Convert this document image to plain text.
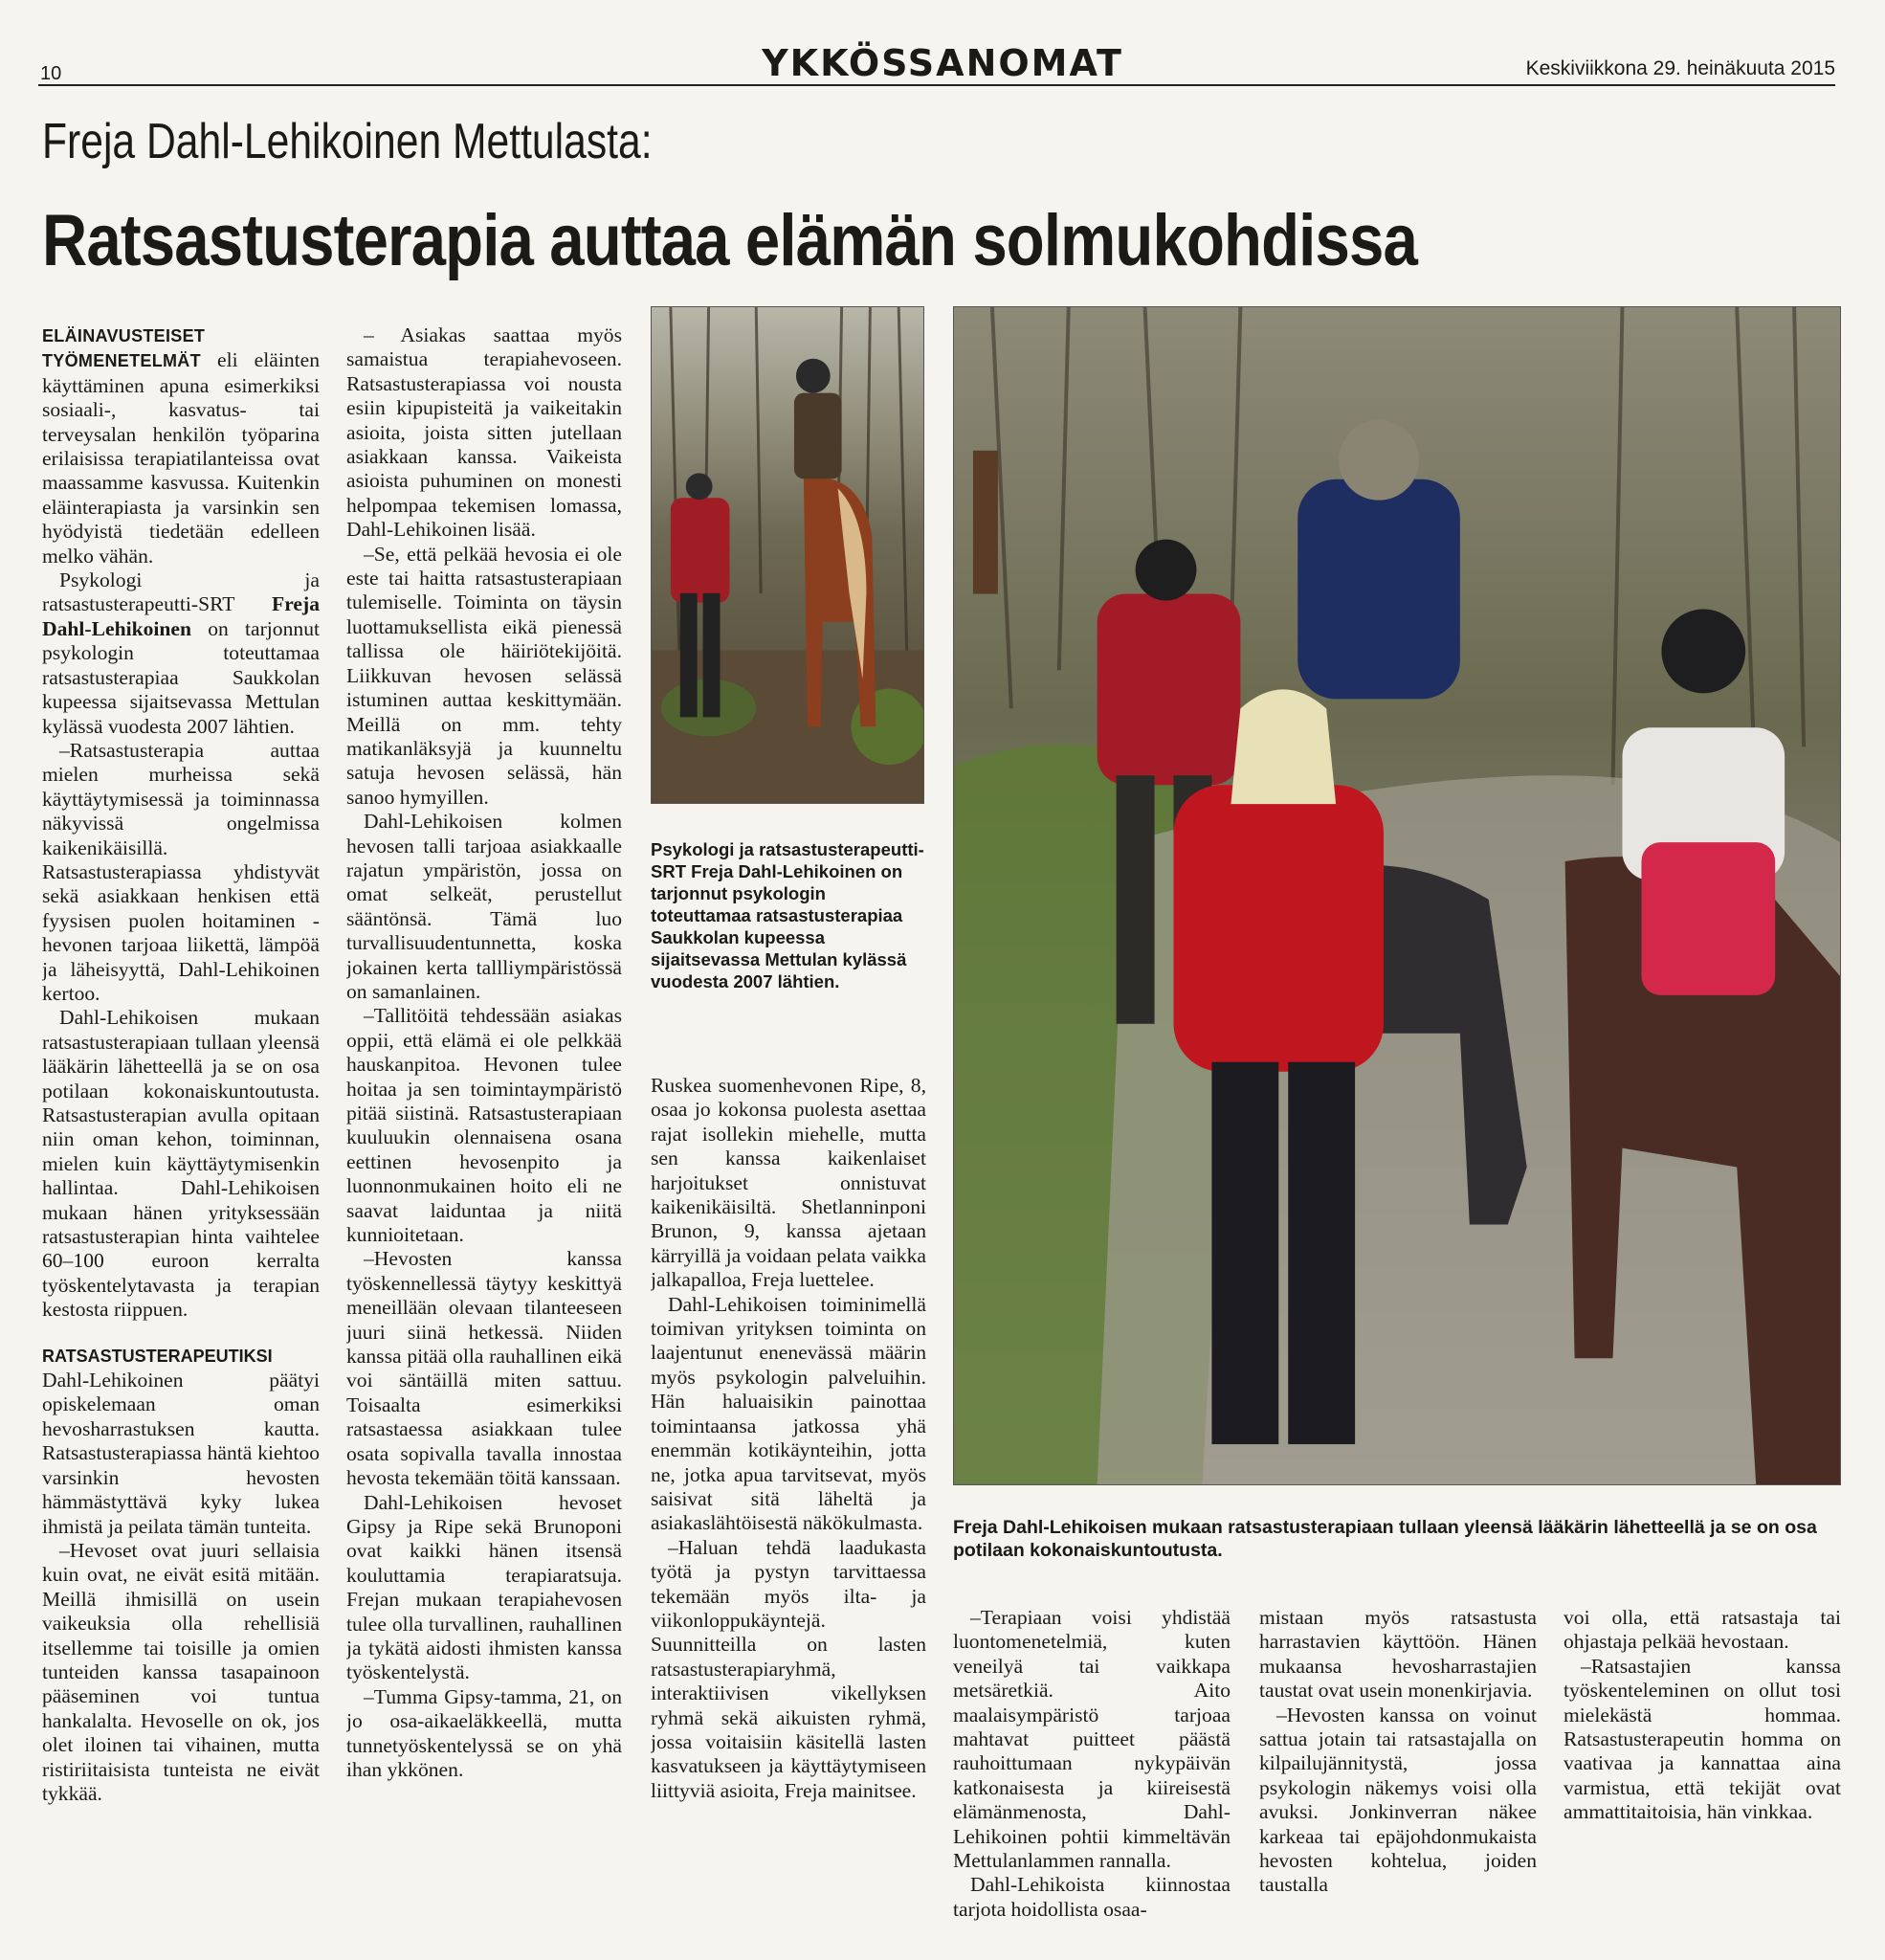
10	YKKÖSSANOMAT	Keskiviikkona 29. heinäkuuta 2015
Freja Dahl-Lehikoinen Mettulasta:
Ratsastusterapia auttaa elämän solmukohdissa

ELÄINAVUSTEISET TYÖMENETELMÄT eli eläinten käyttäminen apuna esimerkiksi sosiaali-, kasvatus- tai terveysalan henkilön työparina erilaisissa terapiatilanteissa ovat maassamme kasvussa. Kuitenkin eläinterapiasta ja varsinkin sen hyödyistä tiedetään edelleen melko vähän.

Psykologi ja ratsastusterapeutti-SRT Freja Dahl-Lehikoinen on tarjonnut psykologin toteuttamaa ratsastusterapiaa Saukkolan kupeessa sijaitsevassa Mettulan kylässä vuodesta 2007 lähtien.

–Ratsastusterapia auttaa mielen murheissa sekä käyttäytymisessä ja toiminnassa näkyvissä ongelmissa kaikenikäisillä. Ratsastusterapiassa yhdistyvät sekä asiakkaan henkisen että fyysisen puolen hoitaminen - hevonen tarjoaa liikettä, lämpöä ja läheisyyttä, Dahl-Lehikoinen kertoo.

Dahl-Lehikoisen mukaan ratsastusterapiaan tullaan yleensä lääkärin lähetteellä ja se on osa potilaan kokonaiskuntoutusta. Ratsastusterapian avulla opitaan niin oman kehon, toiminnan, mielen kuin käyttäytymisenkin hallintaa. Dahl-Lehikoisen mukaan hänen yrityksessään ratsastusterapian hinta vaihtelee 60–100 euroon kerralta työskentelytavasta ja terapian kestosta riippuen.

RATSASTUSTERAPEUTIKSI Dahl-Lehikoinen päätyi opiskelemaan oman hevosharrastuksen kautta. Ratsastusterapiassa häntä kiehtoo varsinkin hevosten hämmästyttävä kyky lukea ihmistä ja peilata tämän tunteita.

–Hevoset ovat juuri sellaisia kuin ovat, ne eivät esitä mitään. Meillä ihmisillä on usein vaikeuksia olla rehellisiä itsellemme tai toisille ja omien tunteiden kanssa tasapainoon pääseminen voi tuntua hankalalta. Hevoselle on ok, jos olet iloinen tai vihainen, mutta ristiriitaisista tunteista ne eivät tykkää.

– Asiakas saattaa myös samaistua terapiahevoseen. Ratsastusterapiassa voi nousta esiin kipupisteitä ja vaikeitakin asioita, joista sitten jutellaan asiakkaan kanssa. Vaikeista asioista puhuminen on monesti helpompaa tekemisen lomassa, Dahl-Lehikoinen lisää.

–Se, että pelkää hevosia ei ole este tai haitta ratsastusterapiaan tulemiselle. Toiminta on täysin luottamuksellista eikä pienessä tallissa ole häiriötekijöitä. Liikkuvan hevosen selässä istuminen auttaa keskittymään. Meillä on mm. tehty matikanläksyjä ja kuunneltu satuja hevosen selässä, hän sanoo hymyillen.

Dahl-Lehikoisen kolmen hevosen talli tarjoaa asiakkaalle rajatun ympäristön, jossa on omat selkeät, perustellut sääntönsä. Tämä luo turvallisuudentunnetta, koska jokainen kerta tallliympäristössä on samanlainen.

–Tallitöitä tehdessään asiakas oppii, että elämä ei ole pelkkää hauskanpitoa. Hevonen tulee hoitaa ja sen toimintaympäristö pitää siistinä. Ratsastusterapiaan kuuluukin olennaisena osana eettinen hevosenpito ja luonnonmukainen hoito eli ne saavat laiduntaa ja niitä kunnioitetaan.

–Hevosten kanssa työskennellessä täytyy keskittyä meneillään olevaan tilanteeseen juuri siinä hetkessä. Niiden kanssa pitää olla rauhallinen eikä voi säntäillä miten sattuu. Toisaalta esimerkiksi ratsastaessa asiakkaan tulee osata sopivalla tavalla innostaa hevosta tekemään töitä kanssaan.

Dahl-Lehikoisen hevoset Gipsy ja Ripe sekä Brunoponi ovat kaikki hänen itsensä kouluttamia terapiaratsuja. Frejan mukaan terapiahevosen tulee olla turvallinen, rauhallinen ja tykätä aidosti ihmisten kanssa työskentelystä.

–Tumma Gipsy-tamma, 21, on jo osa-aikaeläkkeellä, mutta tunnetyöskentelyssä se on yhä ihan ykkönen.

Psykologi ja ratsastusterapeutti-SRT Freja Dahl-Lehikoinen on tarjonnut psykologin toteuttamaa ratsastusterapiaa Saukkolan kupeessa sijaitsevassa Mettulan kylässä vuodesta 2007 lähtien.

Ruskea suomenhevonen Ripe, 8, osaa jo kokonsa puolesta asettaa rajat isollekin miehelle, mutta sen kanssa kaikenlaiset harjoitukset onnistuvat kaikenikäisiltä. Shetlanninponi Brunon, 9, kanssa ajetaan kärryillä ja voidaan pelata vaikka jalkapalloa, Freja luettelee.

Dahl-Lehikoisen toiminimellä toimivan yrityksen toiminta on laajentunut enenevässä määrin myös psykologin palveluihin. Hän haluaisikin painottaa toimintaansa jatkossa yhä enemmän kotikäynteihin, jotta ne, jotka apua tarvitsevat, myös saisivat sitä läheltä ja asiakaslähtöisestä näkökulmasta.

–Haluan tehdä laadukasta työtä ja pystyn tarvittaessa tekemään myös ilta- ja viikonloppukäyntejä. Suunnitteilla on lasten ratsastusterapiaryhmä, interaktiivisen vikellyksen ryhmä sekä aikuisten ryhmä, jossa voitaisiin käsitellä lasten kasvatukseen ja käyttäytymiseen liittyviä asioita, Freja mainitsee.

Freja Dahl-Lehikoisen mukaan ratsastusterapiaan tullaan yleensä lääkärin lähetteellä ja se on osa potilaan kokonaiskuntoutusta.

–Terapiaan voisi yhdistää luontomenetelmiä, kuten veneilyä tai vaikkapa metsäretkiä. Aito maalaisympäristö tarjoaa mahtavat puitteet päästä rauhoittumaan nykypäivän katkonaisesta ja kiireisestä elämänmenosta, Dahl-Lehikoinen pohtii kimmeltävän Mettulanlammen rannalla.

Dahl-Lehikoista kiinnostaa tarjota hoidollista osaa-

mistaan myös ratsastusta harrastavien käyttöön. Hänen mukaansa hevosharrastajien taustat ovat usein monenkirjavia.

–Hevosten kanssa on voinut sattua jotain tai ratsastajalla on kilpailujännitystä, jossa psykologin näkemys voisi olla avuksi. Jonkinverran näkee karkeaa tai epäjohdonmukaista hevosten kohtelua, joiden taustalla

voi olla, että ratsastaja tai ohjastaja pelkää hevostaan.

–Ratsastajien kanssa työskenteleminen on ollut tosi mielekästä hommaa. Ratsastusterapeutin homma on vaativaa ja kannattaa aina varmistua, että tekijät ovat ammattitaitoisia, hän vinkkaa.
